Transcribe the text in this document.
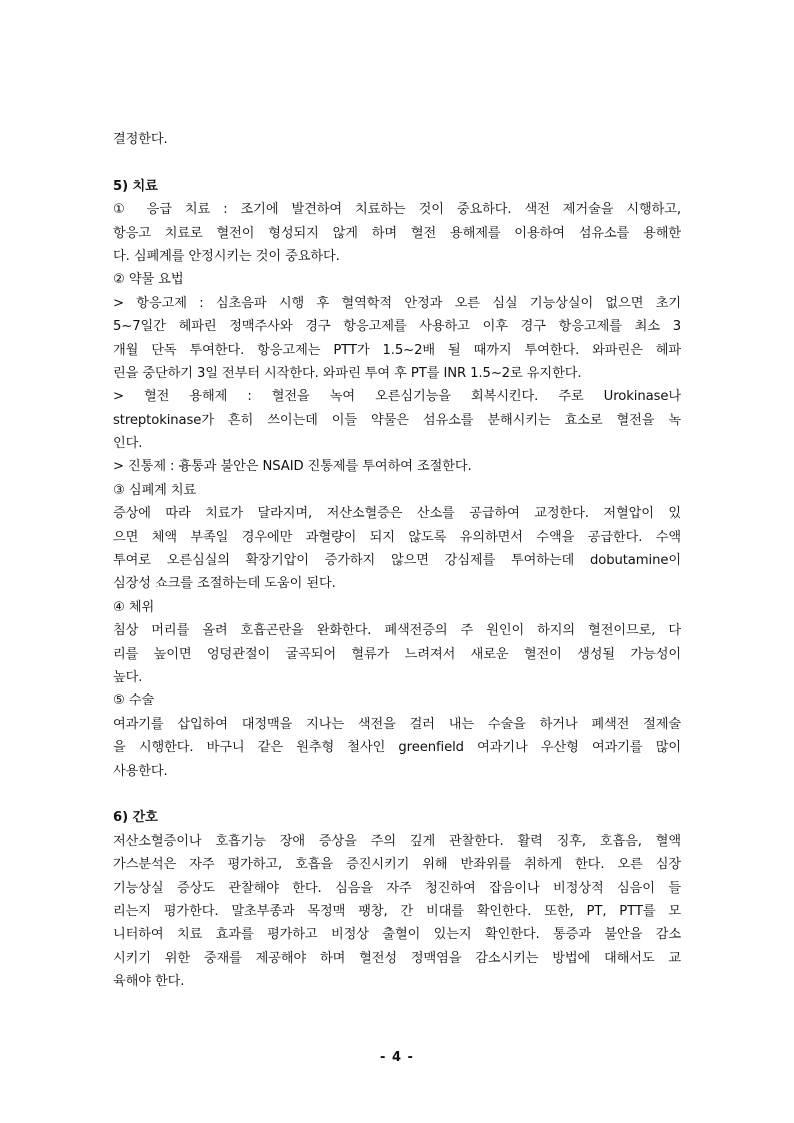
결정한다.
5) 치료
① 응급 치료 : 조기에 발견하여 치료하는 것이 중요하다. 색전 제거술을 시행하고,
항응고 치료로 혈전이 형성되지 않게 하며 혈전 용해제를 이용하여 섬유소를 용해한
다. 심폐계를 안정시키는 것이 중요하다.
② 약물 요법
> 항응고제 : 심초음파 시행 후 혈역학적 안정과 오른 심실 기능상실이 없으면 초기
5~7일간 헤파린 정맥주사와 경구 항응고제를 사용하고 이후 경구 항응고제를 최소 3
개월 단독 투여한다. 항응고제는 PTT가 1.5~2배 될 때까지 투여한다. 와파린은 헤파
린을 중단하기 3일 전부터 시작한다. 와파린 투여 후 PT를 INR 1.5~2로 유지한다.
> 혈전 용해제 : 혈전을 녹여 오른심기능을 회복시킨다. 주로 Urokinase나
streptokinase가 흔히 쓰이는데 이들 약물은 섬유소를 분해시키는 효소로 혈전을 녹
인다.
> 진통제 : 흉통과 불안은 NSAID 진통제를 투여하여 조절한다.
③ 심폐계 치료
증상에 따라 치료가 달라지며, 저산소혈증은 산소를 공급하여 교정한다. 저혈압이 있
으면 체액 부족일 경우에만 과혈량이 되지 않도록 유의하면서 수액을 공급한다. 수액
투여로 오른심실의 확장기압이 증가하지 않으면 강심제를 투여하는데 dobutamine이
심장성 쇼크를 조절하는데 도움이 된다.
④ 체위
침상 머리를 올려 호흡곤란을 완화한다. 폐색전증의 주 원인이 하지의 혈전이므로, 다
리를 높이면 엉덩관절이 굴곡되어 혈류가 느려져서 새로운 혈전이 생성될 가능성이
높다.
⑤ 수술
여과기를 삽입하여 대정맥을 지나는 색전을 걸러 내는 수술을 하거나 폐색전 절제술
을 시행한다. 바구니 같은 원추형 철사인 greenfield 여과기나 우산형 여과기를 많이
사용한다.
6) 간호
저산소혈증이나 호흡기능 장애 증상을 주의 깊게 관찰한다. 활력 징후, 호흡음, 혈액
가스분석은 자주 평가하고, 호흡을 증진시키기 위해 반좌위를 취하게 한다. 오른 심장
기능상실 증상도 관찰해야 한다. 심음을 자주 청진하여 잡음이나 비정상적 심음이 들
리는지 평가한다. 말초부종과 목정맥 팽창, 간 비대를 확인한다. 또한, PT, PTT를 모
니터하여 치료 효과를 평가하고 비정상 출혈이 있는지 확인한다. 통증과 불안을 감소
시키기 위한 중재를 제공해야 하며 혈전성 정맥염을 감소시키는 방법에 대해서도 교
육해야 한다.
- 4 -
